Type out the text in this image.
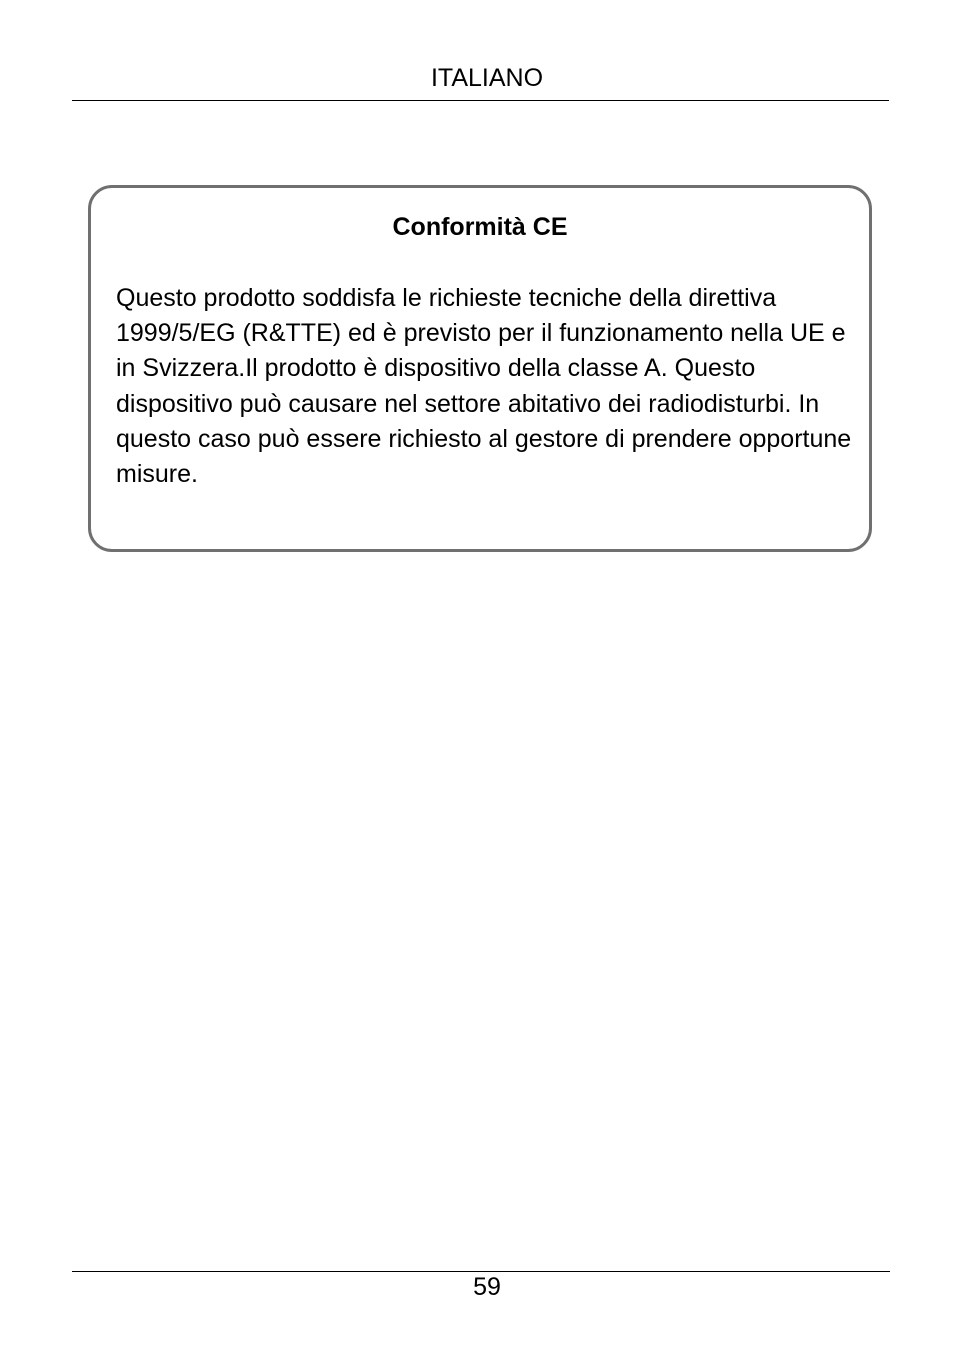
ITALIANO
Conformità CE

Questo prodotto soddisfa le richieste tecniche della direttiva 1999/5/EG (R&TTE) ed è previsto per il funzionamento nella UE e in Svizzera.Il prodotto è dispositivo della classe A. Questo dispositivo può causare nel settore abitativo dei radiodisturbi. In questo caso può essere richiesto al gestore di prendere opportune misure.

59
